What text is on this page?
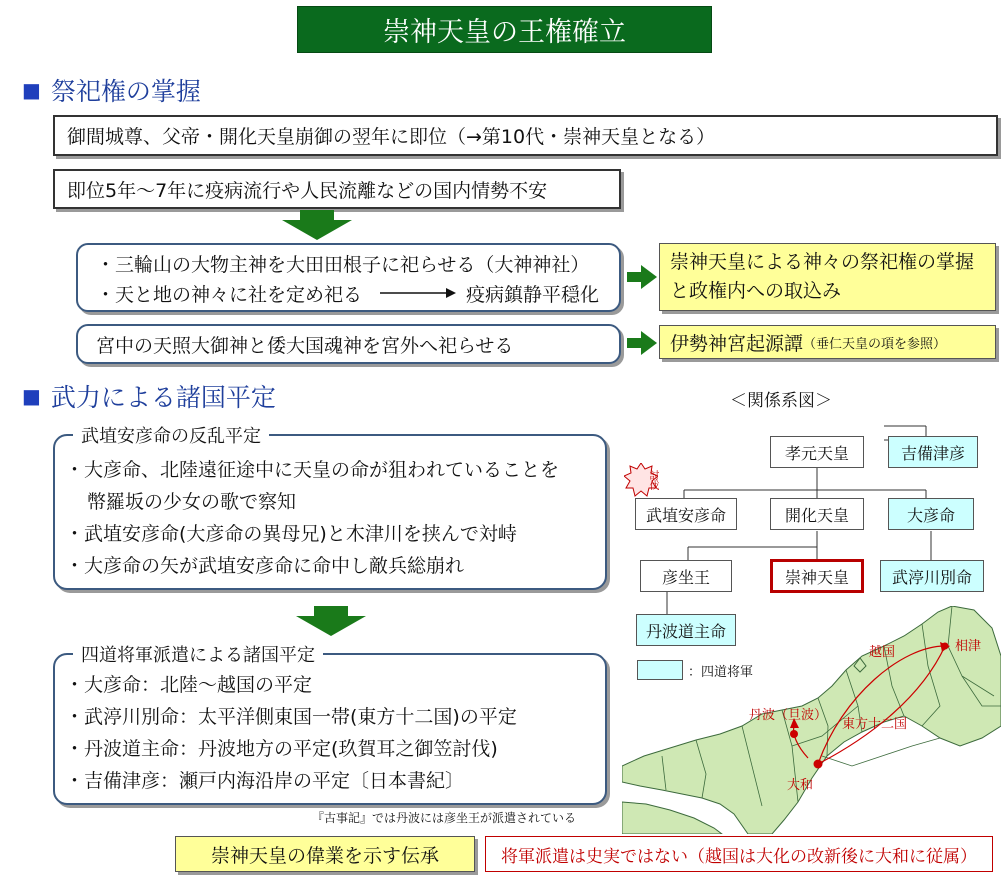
崇神天皇の王権確立
■ 祭祀権の掌握
御間城尊、父帝・開化天皇崩御の翌年に即位（→第10代・崇神天皇となる）
即位5年～7年に疫病流行や人民流離などの国内情勢不安
・三輪山の大物主神を大田田根子に祀らせる（大神神社）
・天と地の神々に社を定め祀る	疫病鎮静平穏化
崇神天皇による神々の祭祀権の掌握
と政権内への取込み
宮中の天照大御神と倭大国魂神を宮外へ祀らせる	伊勢神宮起源譚 （垂仁天皇の項を参照）
■ 武力による諸国平定
武埴安彦命の反乱平定
・大彦命、北陸遠征途中に天皇の命が狙われていることを
幣羅坂の少女の歌で察知
・武埴安彦命(大彦命の異母兄)と木津川を挟んで対峙
・大彦命の矢が武埴安彦命に命中し敵兵総崩れ
四道将軍派遣による諸国平定
・大彦命：北陸～越国の平定
・武渟川別命：太平洋側東国一帯(東方十二国)の平定
・丹波道主命：丹波地方の平定(玖賀耳之御笠討伐)
・吉備津彦：瀬戸内海沿岸の平定〔日本書紀〕
『古事記』では丹波には彦坐王が派遣されている
崇神天皇の偉業を示す伝承	将軍派遣は史実ではない（越国は大化の改新後に大和に従属）
＜関係系図＞
孝元天皇	吉備津彦
武埴安彦命	開化天皇	大彦命
彦坐王	崇神天皇	武渟川別命
丹波道主命
討伐
：四道将軍
越国	相津
丹波（旦波）
東方十二国
大和
